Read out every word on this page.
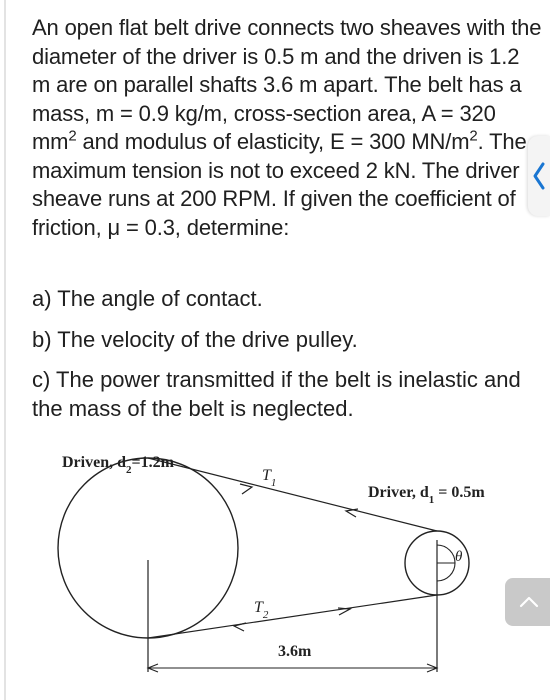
An open flat belt drive connects two sheaves with the diameter of the driver is 0.5 m and the driven is 1.2 m are on parallel shafts 3.6 m apart. The belt has a mass, m = 0.9 kg/m, cross-section area, A = 320 $mm^2$ and modulus of elasticity, E = 300 $MN/m^2$. The maximum tension is not to exceed 2 kN. The driver sheave runs at 200 RPM. If given the coefficient of friction, μ = 0.3, determine:

a) The angle of contact.

b) The velocity of the drive pulley.

c) The power transmitted if the belt is inelastic and the mass of the belt is neglected.

Driven, $d_2=1.2m$
Driver, $d_1 = 0.5m$
$T_1$
$T_2$
3.6m
θ
